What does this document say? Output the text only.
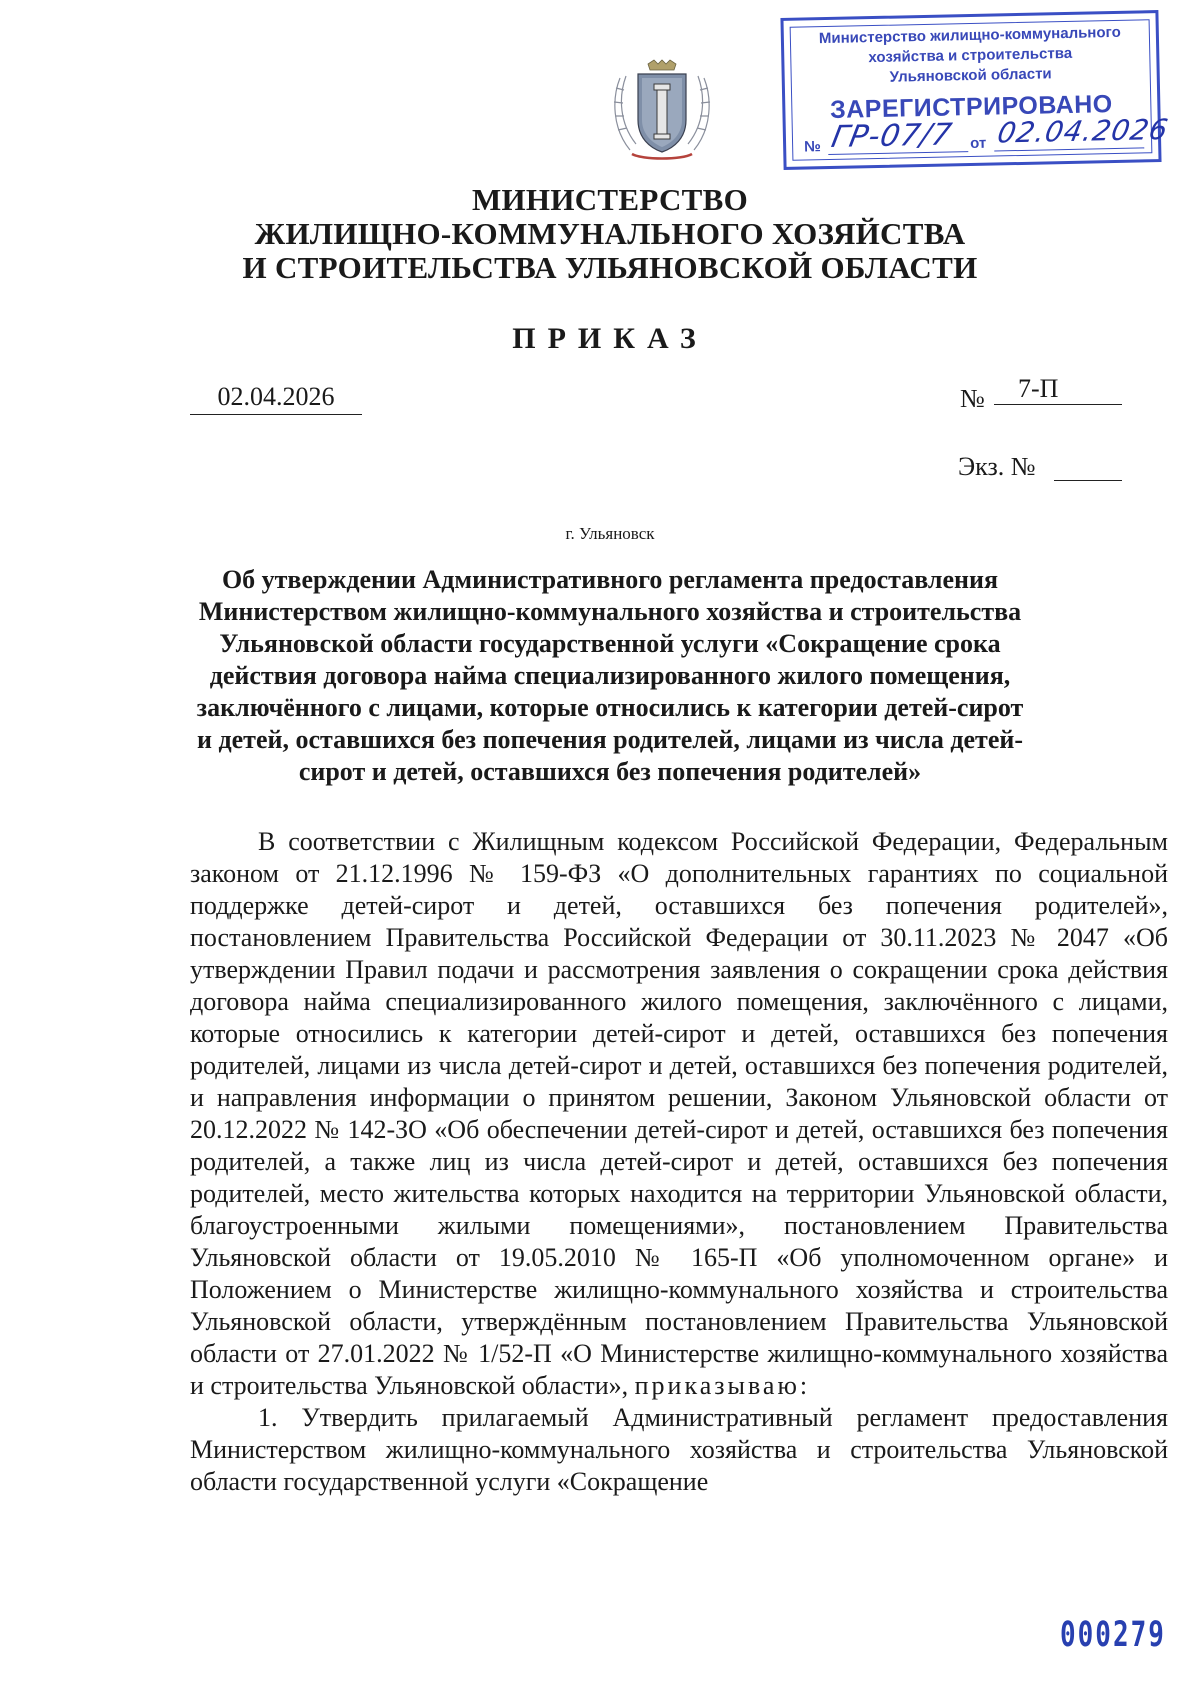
Министерство жилищно-коммунального
хозяйства и строительства
Ульяновской области
ЗАРЕГИСТРИРОВАНО
№ ГР-07/7 от 02.04.2026
МИНИСТЕРСТВО
ЖИЛИЩНО-КОММУНАЛЬНОГО ХОЗЯЙСТВА
И СТРОИТЕЛЬСТВА УЛЬЯНОВСКОЙ ОБЛАСТИ
ПРИКАЗ
02.04.2026	№	7-П
Экз. №
г. Ульяновск
Об утверждении Административного регламента предоставления Министерством жилищно-коммунального хозяйства и строительства Ульяновской области государственной услуги «Сокращение срока действия договора найма специализированного жилого помещения, заключённого с лицами, которые относились к категории детей-сирот и детей, оставшихся без попечения родителей, лицами из числа детей-сирот и детей, оставшихся без попечения родителей»

В соответствии с Жилищным кодексом Российской Федерации, Федеральным законом от 21.12.1996 № 159-ФЗ «О дополнительных гарантиях по социальной поддержке детей-сирот и детей, оставшихся без попечения родителей», постановлением Правительства Российской Федерации от 30.11.2023 № 2047 «Об утверждении Правил подачи и рассмотрения заявления о сокращении срока действия договора найма специализированного жилого помещения, заключённого с лицами, которые относились к категории детей-сирот и детей, оставшихся без попечения родителей, лицами из числа детей-сирот и детей, оставшихся без попечения родителей, и направления информации о принятом решении, Законом Ульяновской области от 20.12.2022 № 142-ЗО «Об обеспечении детей-сирот и детей, оставшихся без попечения родителей, а также лиц из числа детей-сирот и детей, оставшихся без попечения родителей, место жительства которых находится на территории Ульяновской области, благоустроенными жилыми помещениями», постановлением Правительства Ульяновской области от 19.05.2010 № 165-П «Об уполномоченном органе» и Положением о Министерстве жилищно-коммунального хозяйства и строительства Ульяновской области, утверждённым постановлением Правительства Ульяновской области от 27.01.2022 № 1/52-П «О Министерстве жилищно-коммунального хозяйства и строительства Ульяновской области», приказываю:

1. Утвердить прилагаемый Административный регламент предоставления Министерством жилищно-коммунального хозяйства и строительства Ульяновской области государственной услуги «Сокращение

000279
